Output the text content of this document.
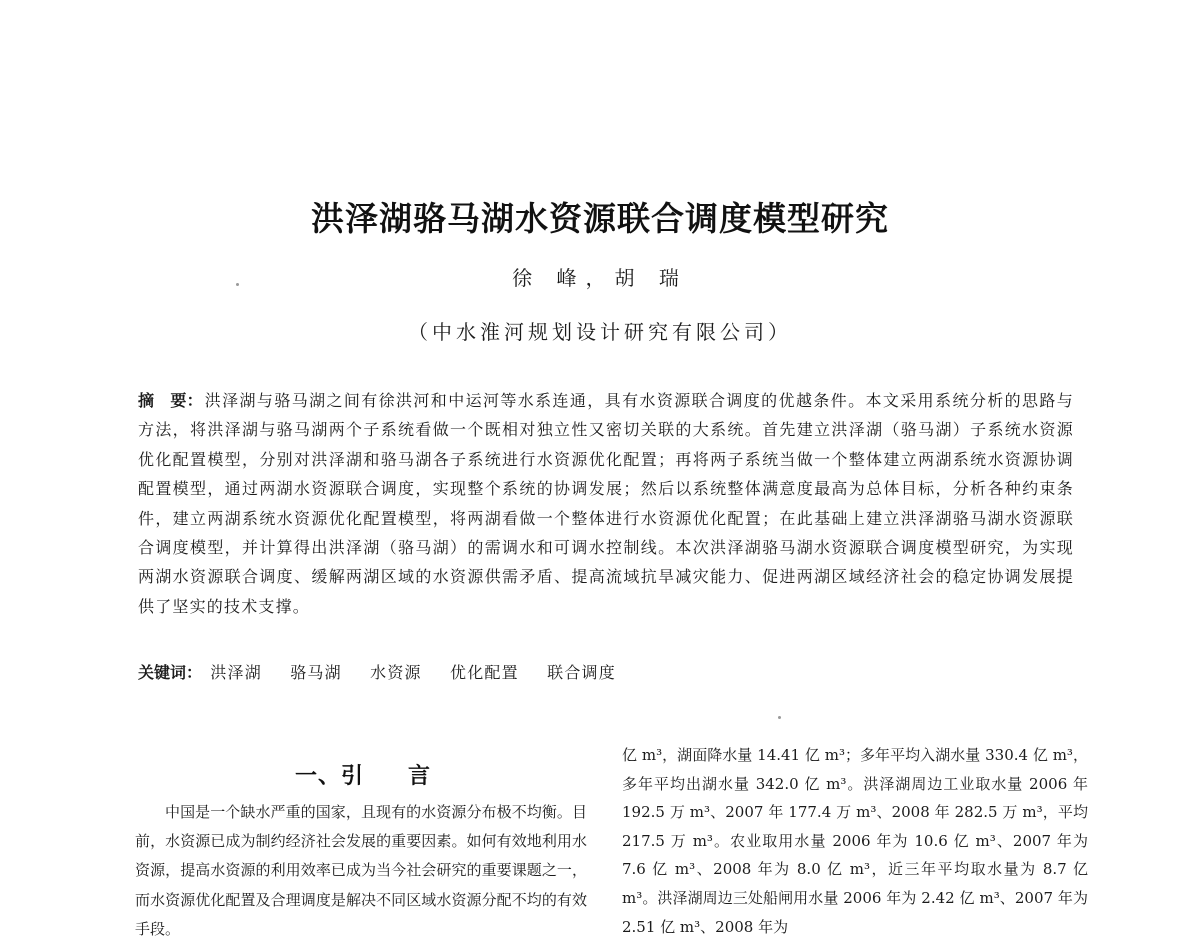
洪泽湖骆马湖水资源联合调度模型研究
徐 峰，胡 瑞
（中水淮河规划设计研究有限公司）
摘　要： 洪泽湖与骆马湖之间有徐洪河和中运河等水系连通，具有水资源联合调度的优越条件。本文采用系统分析的思路与方法，将洪泽湖与骆马湖两个子系统看做一个既相对独立性又密切关联的大系统。首先建立洪泽湖（骆马湖）子系统水资源优化配置模型，分别对洪泽湖和骆马湖各子系统进行水资源优化配置；再将两子系统当做一个整体建立两湖系统水资源协调配置模型，通过两湖水资源联合调度，实现整个系统的协调发展；然后以系统整体满意度最高为总体目标，分析各种约束条件，建立两湖系统水资源优化配置模型，将两湖看做一个整体进行水资源优化配置；在此基础上建立洪泽湖骆马湖水资源联合调度模型，并计算得出洪泽湖（骆马湖）的需调水和可调水控制线。本次洪泽湖骆马湖水资源联合调度模型研究，为实现两湖水资源联合调度、缓解两湖区域的水资源供需矛盾、提高流域抗旱减灾能力、促进两湖区域经济社会的稳定协调发展提供了坚实的技术支撑。
关键词： 洪泽湖 骆马湖 水资源 优化配置 联合调度
一、引 言
中国是一个缺水严重的国家，且现有的水资源分布极不均衡。目前，水资源已成为制约经济社会发展的重要因素。如何有效地利用水资源，提高水资源的利用效率已成为当今社会研究的重要课题之一，而水资源优化配置及合理调度是解决不同区域水资源分配不均的有效手段。
亿 m³，湖面降水量 14.41 亿 m³；多年平均入湖水量 330.4 亿 m³，多年平均出湖水量 342.0 亿 m³。洪泽湖周边工业取水量 2006 年 192.5 万 m³、2007 年 177.4 万 m³、2008 年 282.5 万 m³，平均 217.5 万 m³。农业取用水量 2006 年为 10.6 亿 m³、2007 年为 7.6 亿 m³、2008 年为 8.0 亿 m³，近三年平均取水量为 8.7 亿 m³。洪泽湖周边三处船闸用水量 2006 年为 2.42 亿 m³、2007 年为 2.51 亿 m³、2008 年为
